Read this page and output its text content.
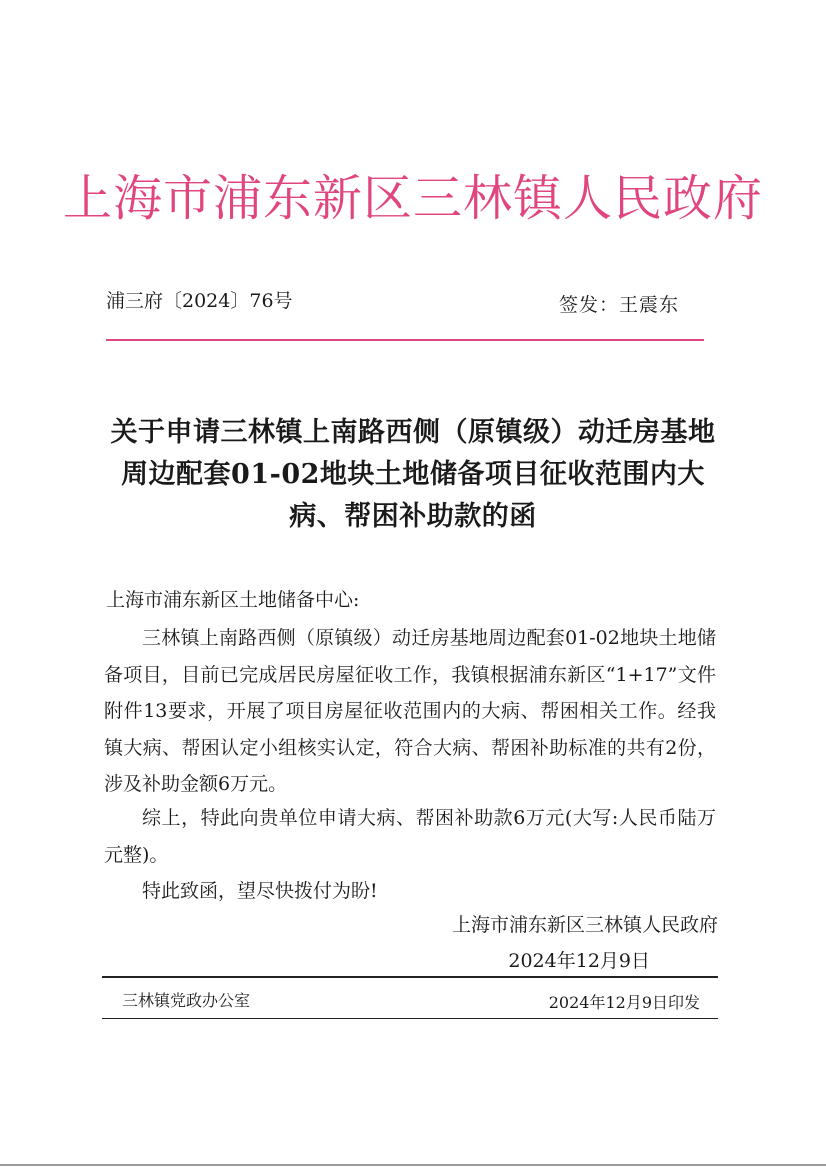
上海市浦东新区三林镇人民政府
浦三府〔2024〕76号	签发：王震东
关于申请三林镇上南路西侧（原镇级）动迁房基地周边配套01-02地块土地储备项目征收范围内大病、帮困补助款的函
上海市浦东新区土地储备中心:
三林镇上南路西侧（原镇级）动迁房基地周边配套01-02地块土地储备项目，目前已完成居民房屋征收工作，我镇根据浦东新区“1+17”文件附件13要求，开展了项目房屋征收范围内的大病、帮困相关工作。经我镇大病、帮困认定小组核实认定，符合大病、帮困补助标准的共有2份，涉及补助金额6万元。
综上，特此向贵单位申请大病、帮困补助款6万元(大写:人民币陆万元整)。
特此致函，望尽快拨付为盼!
上海市浦东新区三林镇人民政府
2024年12月9日
三林镇党政办公室	2024年12月9日印发
